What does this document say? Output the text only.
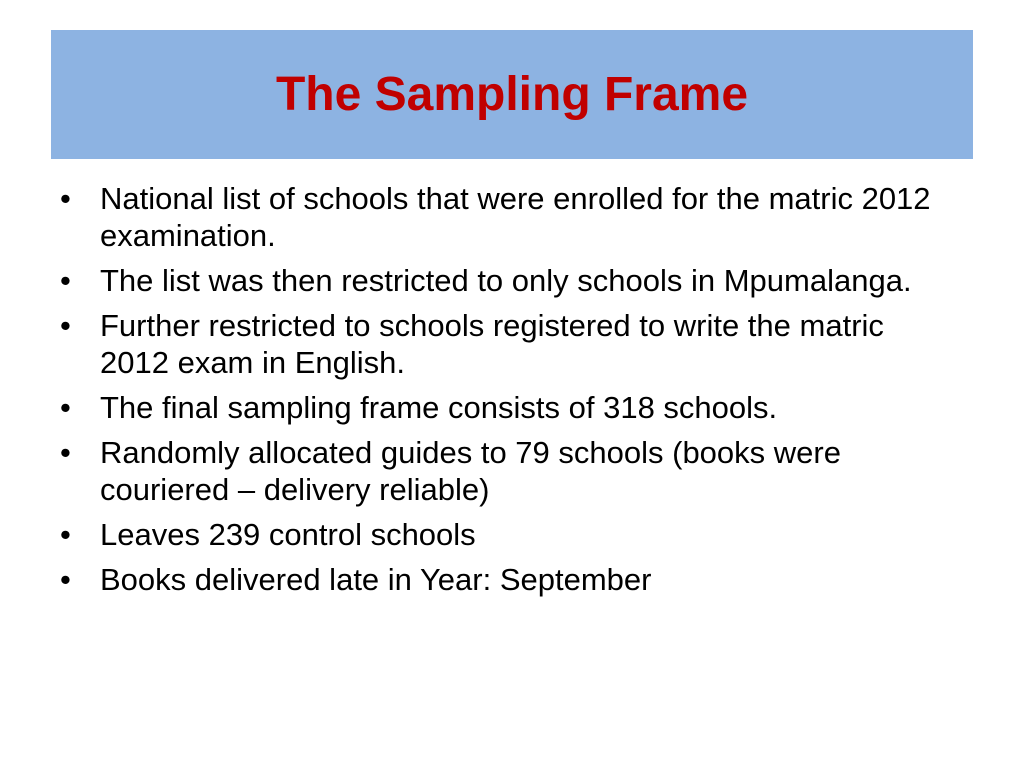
The Sampling Frame
• National list of schools that were enrolled for the matric 2012 examination.
• The list was then restricted to only schools in Mpumalanga.
• Further restricted to schools registered to write the matric 2012 exam in English.
• The final sampling frame consists of 318 schools.
• Randomly allocated guides to 79 schools (books were couriered – delivery reliable)
• Leaves 239 control schools
• Books delivered late in Year: September
